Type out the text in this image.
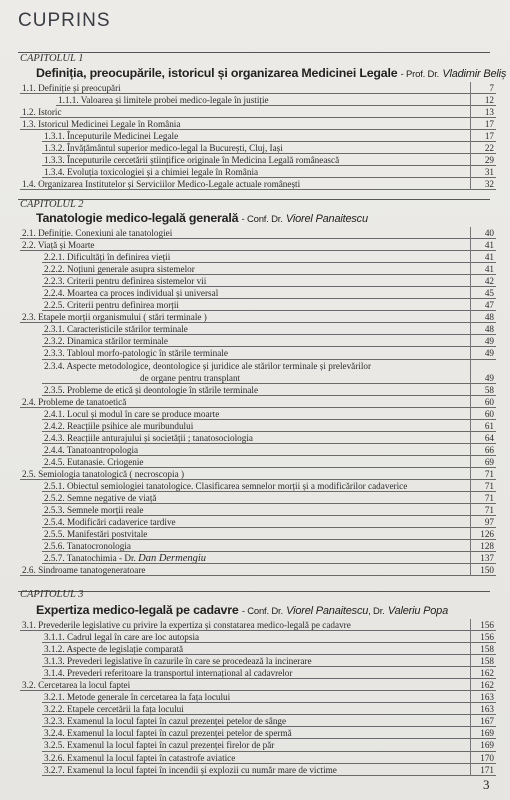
CUPRINS
CAPITOLUL 1
Definiția, preocupările, istoricul și organizarea Medicinei Legale - Prof. Dr. Vladimir Beliș
1.1. Definiție și preocupări	7
1.1.1. Valoarea și limitele probei medico-legale în justiție	12
1.2. Istoric	13
1.3. Istoricul Medicinei Legale în România	17
1.3.1. Începuturile Medicinei Legale	17
1.3.2. Învățământul superior medico-legal la București, Cluj, Iași	22
1.3.3. Începuturile cercetării științifice originale în Medicina Legală românească	29
1.3.4. Evoluția toxicologiei și a chimiei legale în România	31
1.4. Organizarea Institutelor și Serviciilor Medico-Legale actuale românești	32
CAPITOLUL 2
Tanatologie medico-legală generală - Conf. Dr. Viorel Panaitescu
2.1. Definiție. Conexiuni ale tanatologiei	40
2.2. Viață și Moarte	41
2.2.1. Dificultăți în definirea vieții	41
2.2.2. Noțiuni generale asupra sistemelor	41
2.2.3. Criterii pentru definirea sistemelor vii	42
2.2.4. Moartea ca proces individual și universal	45
2.2.5. Criterii pentru definirea morții	47
2.3. Etapele morții organismului ( stări terminale )	48
2.3.1. Caracteristicile stărilor terminale	48
2.3.2. Dinamica stărilor terminale	49
2.3.3. Tabloul morfo-patologic în stările terminale	49
2.3.4. Aspecte metodologice, deontologice și juridice ale stărilor terminale și prelevărilor
de organe pentru transplant	49
2.3.5. Probleme de etică și deontologie în stările terminale	58
2.4. Probleme de tanatoetică	60
2.4.1. Locul și modul în care se produce moarte	60
2.4.2. Reacțiile psihice ale muribundului	61
2.4.3. Reacțiile anturajului și societății ; tanatosociologia	64
2.4.4. Tanatoantropologia	66
2.4.5. Eutanasie. Criogenie	69
2.5. Semiologia tanatologică ( necroscopia )	71
2.5.1. Obiectul semiologiei tanatologice. Clasificarea semnelor morții și a modificărilor cadaverice	71
2.5.2. Semne negative de viață	71
2.5.3. Semnele morții reale	71
2.5.4. Modificări cadaverice tardive	97
2.5.5. Manifestări postvitale	126
2.5.6. Tanatocronologia	128
2.5.7. Tanatochimia - Dr. Dan Dermengiu	137
2.6. Sindroame tanatogeneratoare	150
CAPITOLUL 3
Expertiza medico-legală pe cadavre - Conf. Dr. Viorel Panaitescu, Dr. Valeriu Popa
3.1. Prevederile legislative cu privire la expertiza și constatarea medico-legală pe cadavre	156
3.1.1. Cadrul legal în care are loc autopsia	156
3.1.2. Aspecte de legislație comparată	158
3.1.3. Prevederi legislative în cazurile în care se procedează la incinerare	158
3.1.4. Prevederi referitoare la transportul internațional al cadavrelor	162
3.2. Cercetarea la locul faptei	162
3.2.1. Metode generale în cercetarea la fața locului	163
3.2.2. Etapele cercetării la fața locului	163
3.2.3. Examenul la locul faptei în cazul prezenței petelor de sânge	167
3.2.4. Examenul la locul faptei în cazul prezenței petelor de spermă	169
3.2.5. Examenul la locul faptei în cazul prezenței firelor de păr	169
3.2.6. Examenul la locul faptei în catastrofe aviatice	170
3.2.7. Examenul la locul faptei în incendii și explozii cu număr mare de victime	171
3
